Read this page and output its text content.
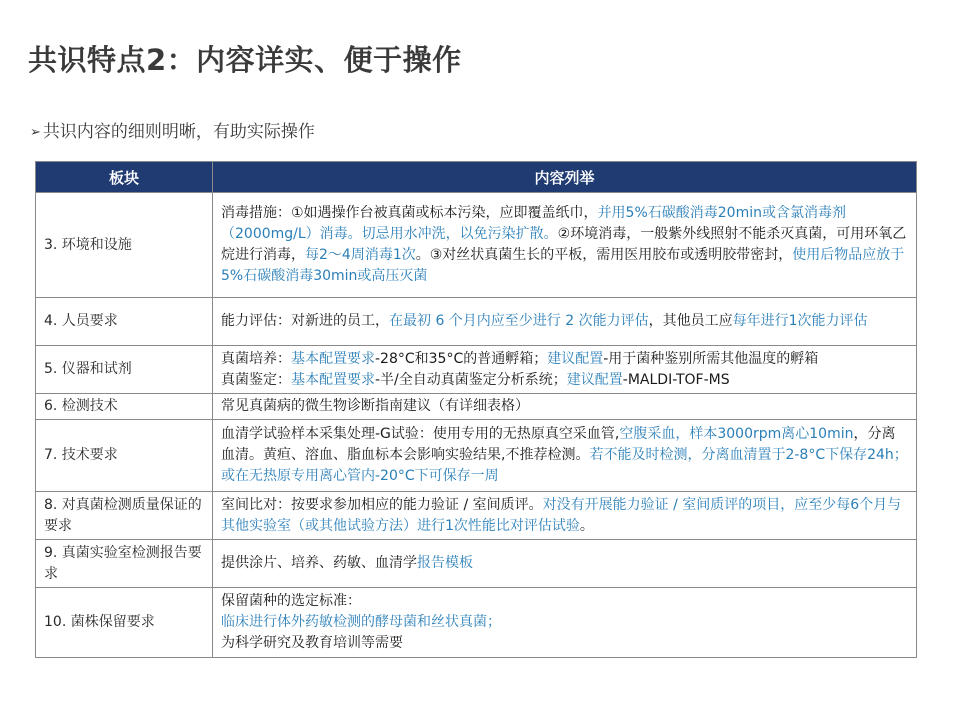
共识特点2：内容详实、便于操作
➢ 共识内容的细则明晰，有助实际操作
板块	内容列举
3. 环境和设施	消毒措施：①如遇操作台被真菌或标本污染，应即覆盖纸巾，并用5%石碳酸消毒20min或含氯消毒剂（2000mg/L）消毒。切忌用水冲洗，以免污染扩散。②环境消毒，一般紫外线照射不能杀灭真菌，可用环氧乙烷进行消毒，每2～4周消毒1次。③对丝状真菌生长的平板，需用医用胶布或透明胶带密封，使用后物品应放于5%石碳酸消毒30min或高压灭菌
4. 人员要求	能力评估：对新进的员工，在最初 6 个月内应至少进行 2 次能力评估，其他员工应每年进行1次能力评估
5. 仪器和试剂	真菌培养：基本配置要求-28°C和35°C的普通孵箱；建议配置-用于菌种鉴别所需其他温度的孵箱
真菌鉴定：基本配置要求-半/全自动真菌鉴定分析系统；建议配置-MALDI-TOF-MS

6. 检测技术	常见真菌病的微生物诊断指南建议（有详细表格）
7. 技术要求	血清学试验样本采集处理-G试验：使用专用的无热原真空采血管,空腹采血，样本3000rpm离心10min，分离血清。黄疸、溶血、脂血标本会影响实验结果,不推荐检测。若不能及时检测，分离血清置于2-8°C下保存24h；或在无热原专用离心管内-20°C下可保存一周
8. 对真菌检测质量保证的要求	室间比对：按要求参加相应的能力验证 / 室间质评。对没有开展能力验证 / 室间质评的项目，应至少每6个月与其他实验室（或其他试验方法）进行1次性能比对评估试验。
9. 真菌实验室检测报告要求	提供涂片、培养、药敏、血清学报告模板
10. 菌株保留要求	保留菌种的选定标准：
临床进行体外药敏检测的酵母菌和丝状真菌；
为科学研究及教育培训等需要
